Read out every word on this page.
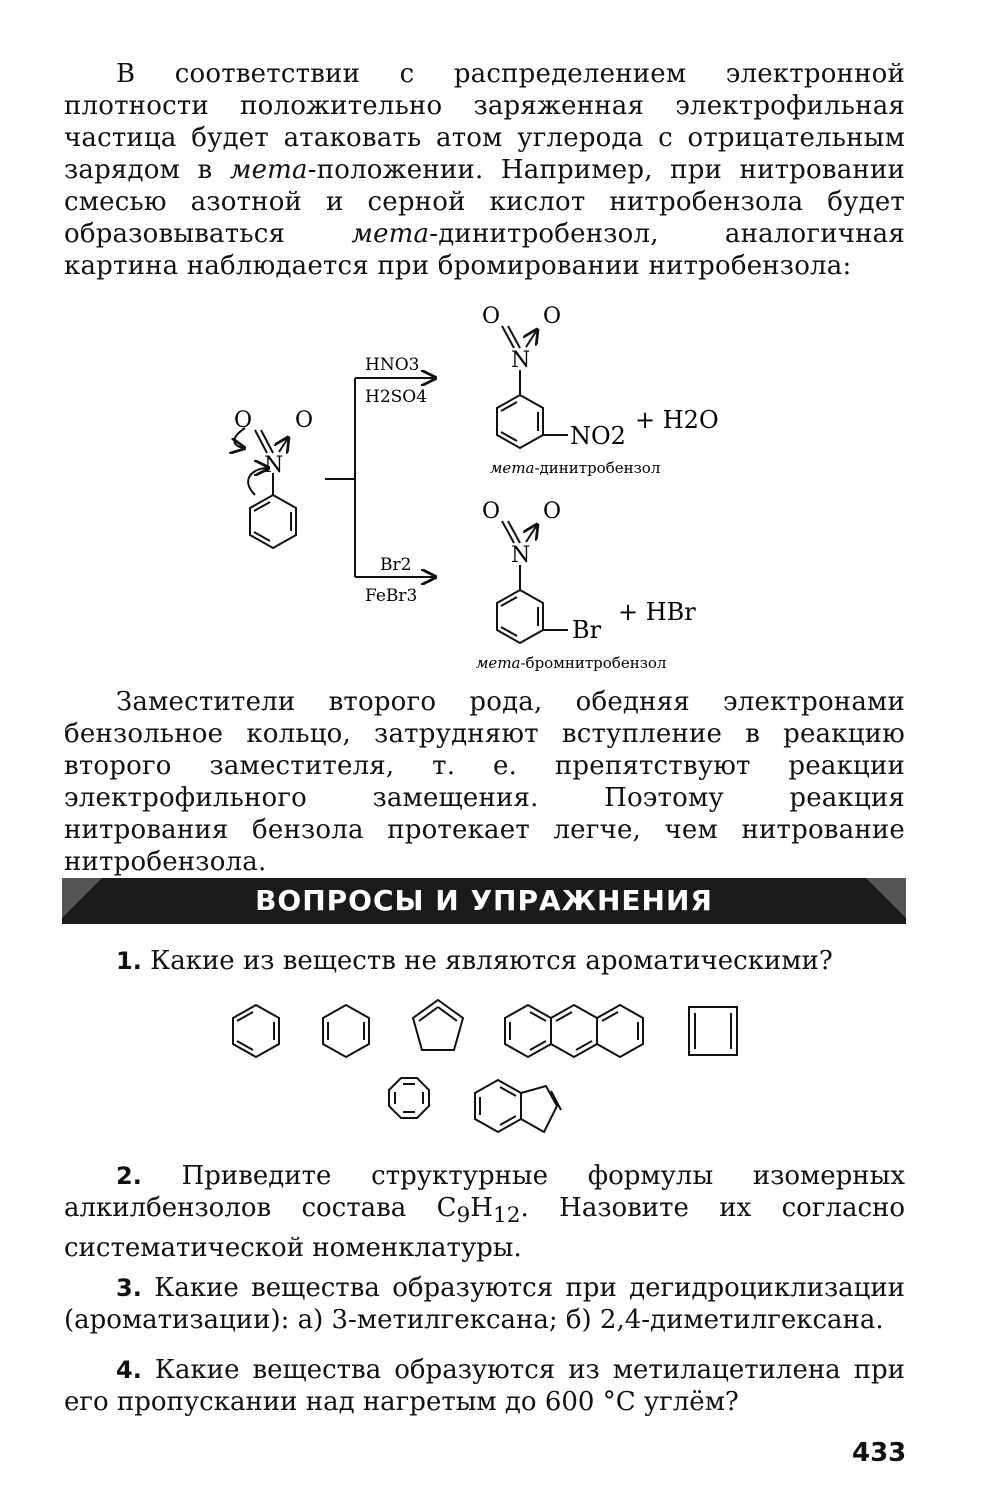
В соответствии с распределением электронной плотности положительно заряженная электрофильная частица будет атаковать атом углерода с отрицательным зарядом в мета-положении. Например, при нитровании смесью азотной и серной кислот нитробензола будет образовываться мета-динитробензол, аналогичная картина наблюдается при бромировании нитробензола:

O O
N
HNO3
H2SO4
Br2
FeBr3
O O
N
NO2
+ H2O
мета-динитробензол
O O
N
Br
+ HBr
мета-бромнитробензол

Заместители второго рода, обедняя электронами бензольное кольцо, затрудняют вступление в реакцию второго заместителя, т. е. препятствуют реакции электрофильного замещения. Поэтому реакция нитрования бензола протекает легче, чем нитрование нитробензола.

ВОПРОСЫ И УПРАЖНЕНИЯ
1. Какие из веществ не являются ароматическими?
2. Приведите структурные формулы изомерных алкилбензолов состава $C_9H_{12}$. Назовите их согласно систематической номенклатуры.
3. Какие вещества образуются при дегидроциклизации (ароматизации): а) 3-метилгексана; б) 2,4-диметилгексана.
4. Какие вещества образуются из метилацетилена при его пропускании над нагретым до 600 °С углём?
433
